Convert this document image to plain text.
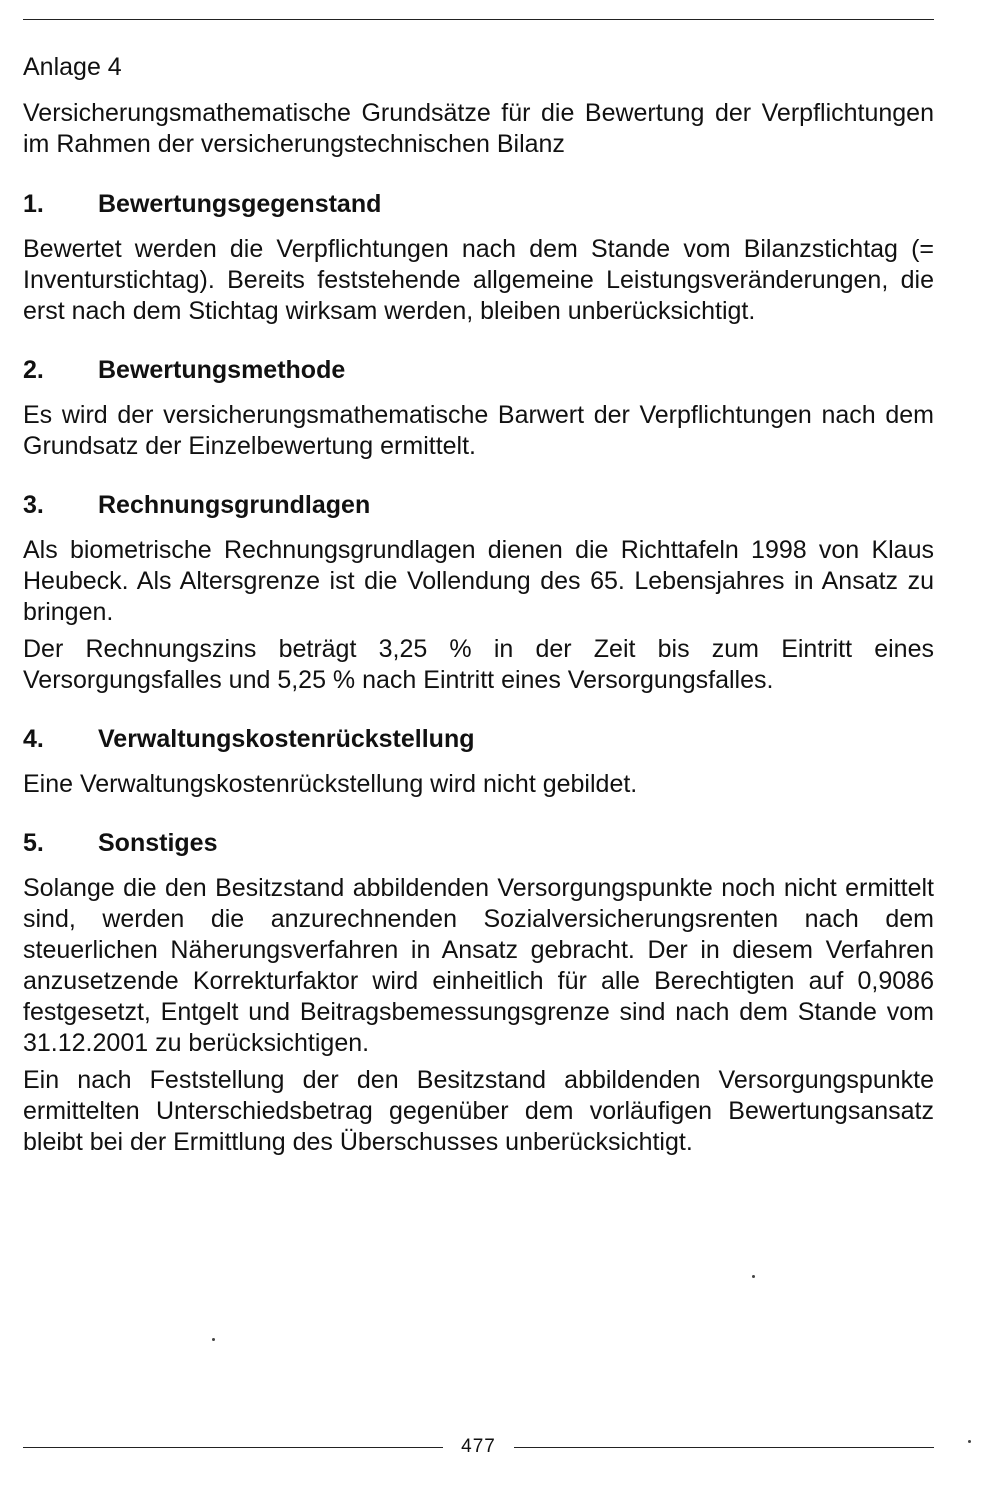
Anlage 4

Versicherungsmathematische Grundsätze für die Bewertung der Verpflichtungen im Rahmen der versicherungstechnischen Bilanz

1.	Bewertungsgegenstand

Bewertet werden die Verpflichtungen nach dem Stande vom Bilanzstichtag (= Inventurstichtag). Bereits feststehende allgemeine Leistungsveränderungen, die erst nach dem Stichtag wirksam werden, bleiben unberücksichtigt.

2.	Bewertungsmethode

Es wird der versicherungsmathematische Barwert der Verpflichtungen nach dem Grundsatz der Einzelbewertung ermittelt.

3.	Rechnungsgrundlagen

Als biometrische Rechnungsgrundlagen dienen die Richttafeln 1998 von Klaus Heubeck. Als Altersgrenze ist die Vollendung des 65. Lebensjahres in Ansatz zu bringen.

Der Rechnungszins beträgt 3,25 % in der Zeit bis zum Eintritt eines Versorgungsfalles und 5,25 % nach Eintritt eines Versorgungsfalles.

4.	Verwaltungskostenrückstellung

Eine Verwaltungskostenrückstellung wird nicht gebildet.

5.	Sonstiges

Solange die den Besitzstand abbildenden Versorgungspunkte noch nicht ermittelt sind, werden die anzurechnenden Sozialversicherungsrenten nach dem steuerlichen Näherungsverfahren in Ansatz gebracht. Der in diesem Verfahren anzusetzende Korrekturfaktor wird einheitlich für alle Berechtigten auf 0,9086 festgesetzt, Entgelt und Beitragsbemessungsgrenze sind nach dem Stande vom 31.12.2001 zu berücksichtigen.

Ein nach Feststellung der den Besitzstand abbildenden Versorgungspunkte ermittelten Unterschiedsbetrag gegenüber dem vorläufigen Bewertungsansatz bleibt bei der Ermittlung des Überschusses unberücksichtigt.

477
